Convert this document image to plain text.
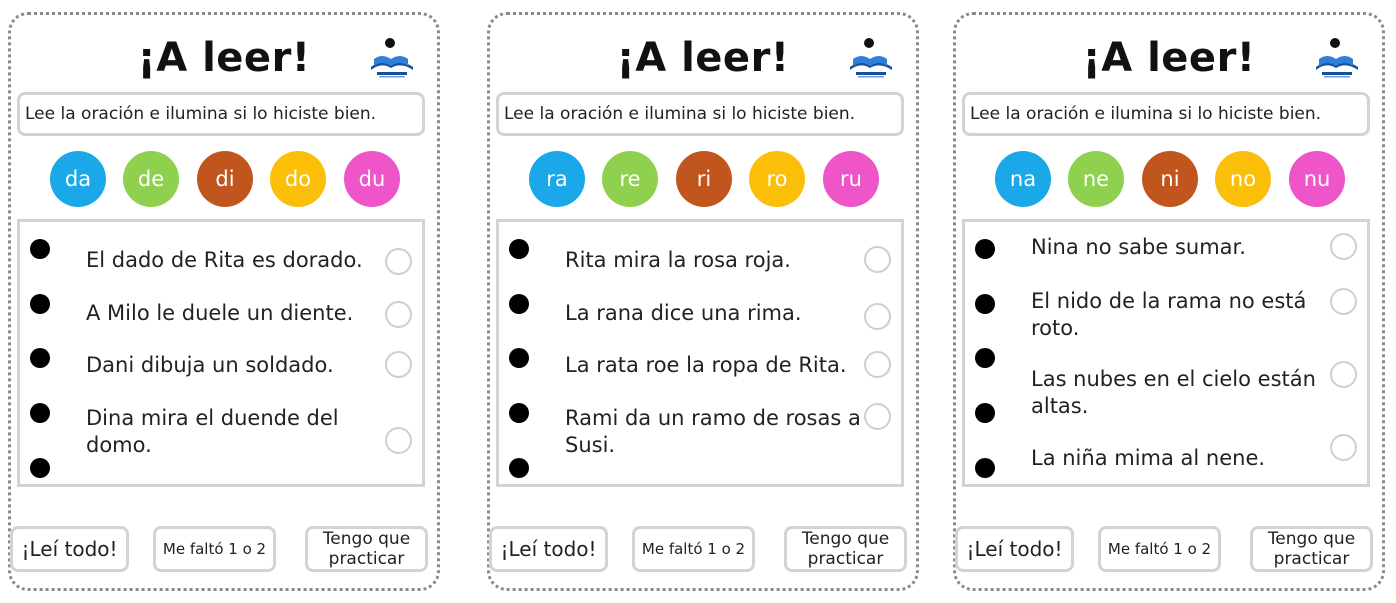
¡A leer!
Lee la oración e ilumina si lo hiciste bien.
da	de	di	do	du
El dado de Rita es dorado.
A Milo le duele un diente.
Dani dibuja un soldado.
Dina mira el duende del domo.
¡Leí todo!	Me faltó 1 o 2	Tengo que practicar
¡A leer!
Lee la oración e ilumina si lo hiciste bien.
ra	re	ri	ro	ru
Rita mira la rosa roja.
La rana dice una rima.
La rata roe la ropa de Rita.
Rami da un ramo de rosas a Susi.
¡Leí todo!	Me faltó 1 o 2	Tengo que practicar
¡A leer!
Lee la oración e ilumina si lo hiciste bien.
na	ne	ni	no	nu
Nina no sabe sumar.
El nido de la rama no está roto.
Las nubes en el cielo están altas.
La niña mima al nene.
¡Leí todo!	Me faltó 1 o 2	Tengo que practicar
